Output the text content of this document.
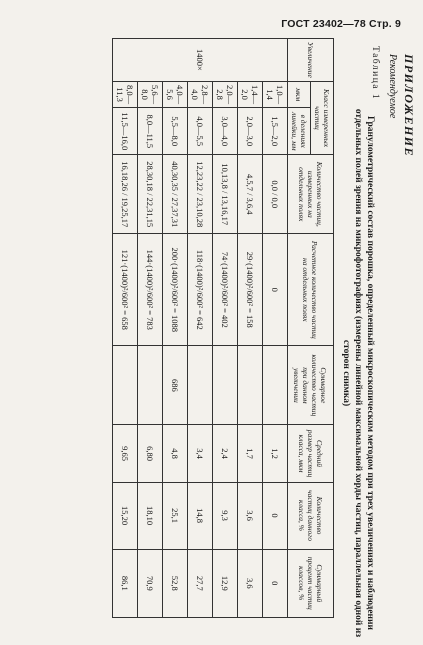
ГОСТ 23402—78 Стр. 9
ПРИЛОЖЕНИЕ
Рекомендуемое
Таблица 1
Гранулометрический состав порошка, определенный микроскопическим методом при трех увеличениях и наблюдении отдельных полей зрения на микрофотографиях (измерены линейной максимальной хорды частиц, параллельная одной из сторон снимка)
Увеличение	Класс измеренных частиц		Количество частиц, измеренных на отдельных полях	Расчетное количество частиц на отдельных полях	Суммарное количество частиц при данном увеличении	Средний размер частиц класса, мкм	Количество частиц данного класса, %	Суммарный процент частиц классов, %
	мкм	в делениях линейки, мм						
1400×	1,0—1,4	1,5—2,0	0,0 / 0,0	0		1,2	0	0
	1,4—2,0	2,0—3,0	4,5,7 / 3,6,4	29·(1400)²/600² = 158		1,7	3,6	3,6
	2,0—2,8	3,0—4,0	10,13,8 / 13,16,17	74·(1400)²/600² = 402		2,4	9,3	12,9
	2,8—4,0	4,0—5,5	12,23,22 / 23,10,28	118·(1400)²/600² = 642		3,4	14,8	27,7
	4,0—5,6	5,5—8,0	40,30,35 / 27,37,31	200·(1400)²/600² = 1088	686	4,8	25,1	52,8
	5,6—8,0	8,0—11,5	28,30,18 / 22,31,15	144·(1400)²/600² = 783		6,80	18,10	70,9
	8,0—11,3	11,5—16,0	16,18,26 / 19,25,17	121·(1400)²/600² = 658		9,65	15,20	86,1
